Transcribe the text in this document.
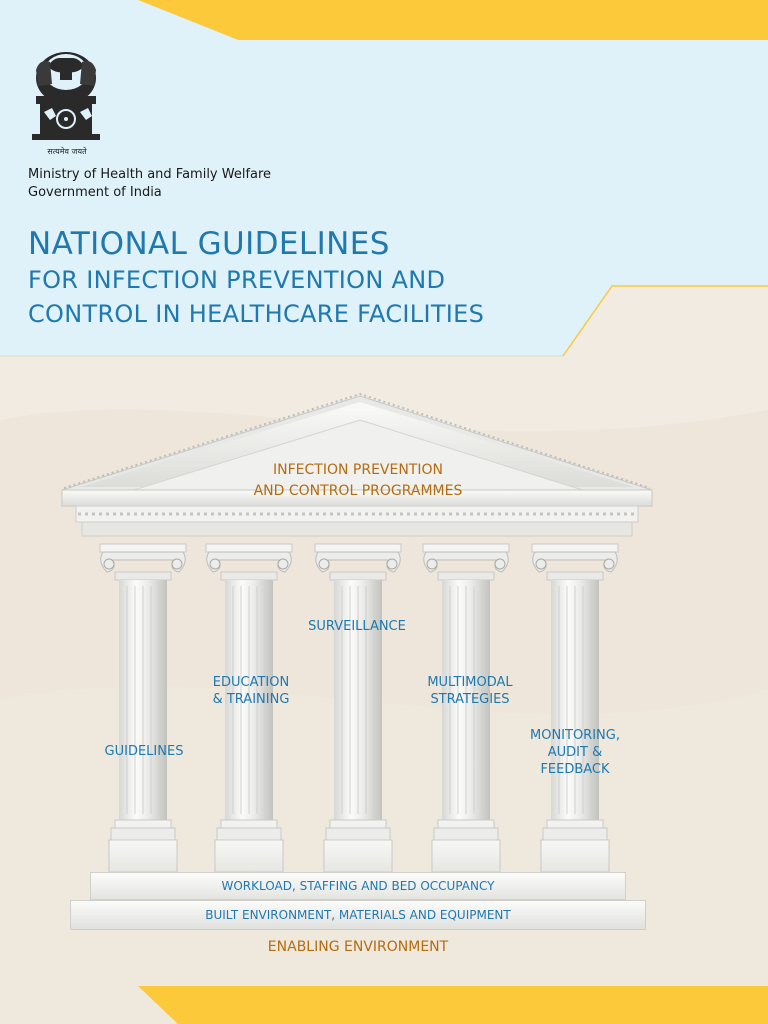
Ministry of Health and Family Welfare
Government of India
सत्यमेव जयते
NATIONAL GUIDELINES
FOR INFECTION PREVENTION AND
CONTROL IN HEALTHCARE FACILITIES
INFECTION PREVENTION
AND CONTROL PROGRAMMES
GUIDELINES
EDUCATION
& TRAINING
SURVEILLANCE
MULTIMODAL
STRATEGIES
MONITORING,
AUDIT &
FEEDBACK
WORKLOAD, STAFFING AND BED OCCUPANCY
BUILT ENVIRONMENT, MATERIALS AND EQUIPMENT
ENABLING ENVIRONMENT
